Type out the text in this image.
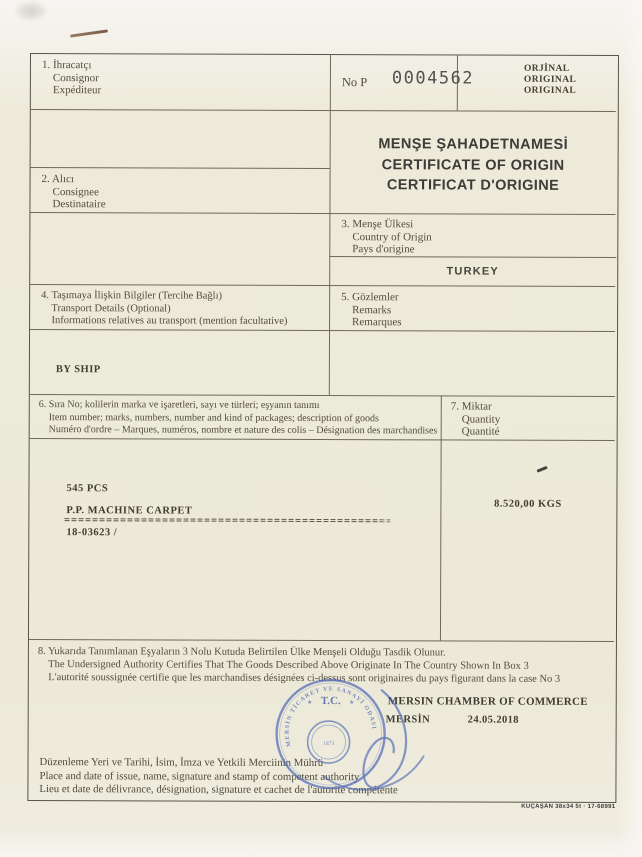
1. İhracatçı
Consignor
Expéditeur
No P 0004562	ORJİNAL
ORIGINAL
ORIGINAL
MENŞE ŞAHADETNAMESİ
CERTIFICATE OF ORIGIN
CERTIFICAT D'ORIGINE
2. Alıcı
Consignee
Destinataire
3. Menşe Ülkesi
Country of Origin
Pays d'origine
TURKEY
4. Taşımaya İlişkin Bilgiler (Tercihe Bağlı)
Transport Details (Optional)
Informations relatives au transport (mention facultative)
5. Gözlemler
Remarks
Remarques
BY SHIP
6. Sıra No; kolilerin marka ve işaretleri, sayı ve türleri; eşyanın tanımı
Item number; marks, numbers, number and kind of packages; description of goods
Numéro d'ordre – Marques, numéros, nombre et nature des colis – Désignation des marchandises
7. Miktar
Quantity
Quantité
545 PCS
P.P. MACHINE CARPET
18-03623 /
8.520,00 KGS
8. Yukarıda Tanımlanan Eşyaların 3 Nolu Kutuda Belirtilen Ülke Menşeli Olduğu Tasdik Olunur.
The Undersigned Authority Certifies That The Goods Described Above Originate In The Country Shown In Box 3
L'autorité soussignée certifie que les marchandises désignées ci-dessus sont originaires du pays figurant dans la case No 3
MERSIN CHAMBER OF COMMERCE
MERSİN	24.05.2018
Düzenleme Yeri ve Tarihi, İsim, İmza ve Yetkili Merciinin Mührü
Place and date of issue, name, signature and stamp of competent authority
Lieu et date de délivrance, désignation, signature et cachet de l'autorité compétente
MERSİN TİCARET VE SANAYİ ODASI
T.C.
★	★
1873
KUÇAŞAN 38x34 5t · 17-68991
